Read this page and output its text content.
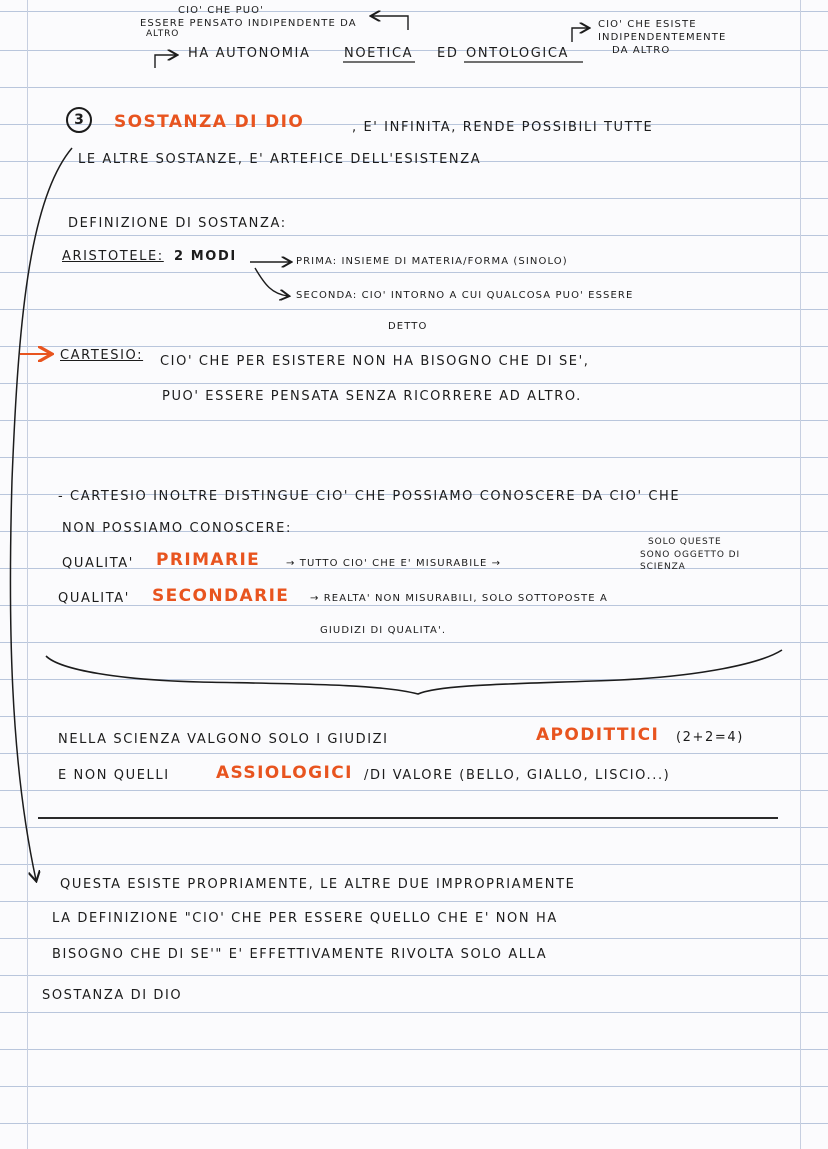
CIO' CHE PUO'
ESSERE PENSATO INDIPENDENTE DA
ALTRO
HA AUTONOMIA	NOETICA ED ONTOLOGICA
CIO' CHE ESISTE
INDIPENDENTEMENTE
DA ALTRO
3	SOSTANZA DI DIO	, E' INFINITA, RENDE POSSIBILI TUTTE
LE ALTRE SOSTANZE, E' ARTEFICE DELL'ESISTENZA
DEFINIZIONE DI SOSTANZA:
ARISTOTELE: 2 MODI	PRIMA: INSIEME DI MATERIA/FORMA (SINOLO)
SECONDA: CIO' INTORNO A CUI QUALCOSA PUO' ESSERE
DETTO
CARTESIO: CIO' CHE PER ESISTERE NON HA BISOGNO CHE DI SE',
PUO' ESSERE PENSATA SENZA RICORRERE AD ALTRO.
- CARTESIO INOLTRE DISTINGUE CIO' CHE POSSIAMO CONOSCERE DA CIO' CHE
NON POSSIAMO CONOSCERE:
QUALITA' PRIMARIE	→ TUTTO CIO' CHE E' MISURABILE →
SOLO QUESTE
SONO OGGETTO DI
SCIENZA
QUALITA' SECONDARIE → REALTA' NON MISURABILI, SOLO SOTTOPOSTE A
GIUDIZI DI QUALITA'.
NELLA SCIENZA VALGONO SOLO I GIUDIZI	APODITTICI (2+2=4)
E NON QUELLI	ASSIOLOGICI /DI VALORE (BELLO, GIALLO, LISCIO...)
QUESTA ESISTE PROPRIAMENTE, LE ALTRE DUE IMPROPRIAMENTE
LA DEFINIZIONE "CIO' CHE PER ESSERE QUELLO CHE E' NON HA
BISOGNO CHE DI SE'" E' EFFETTIVAMENTE RIVOLTA SOLO ALLA
SOSTANZA DI DIO
